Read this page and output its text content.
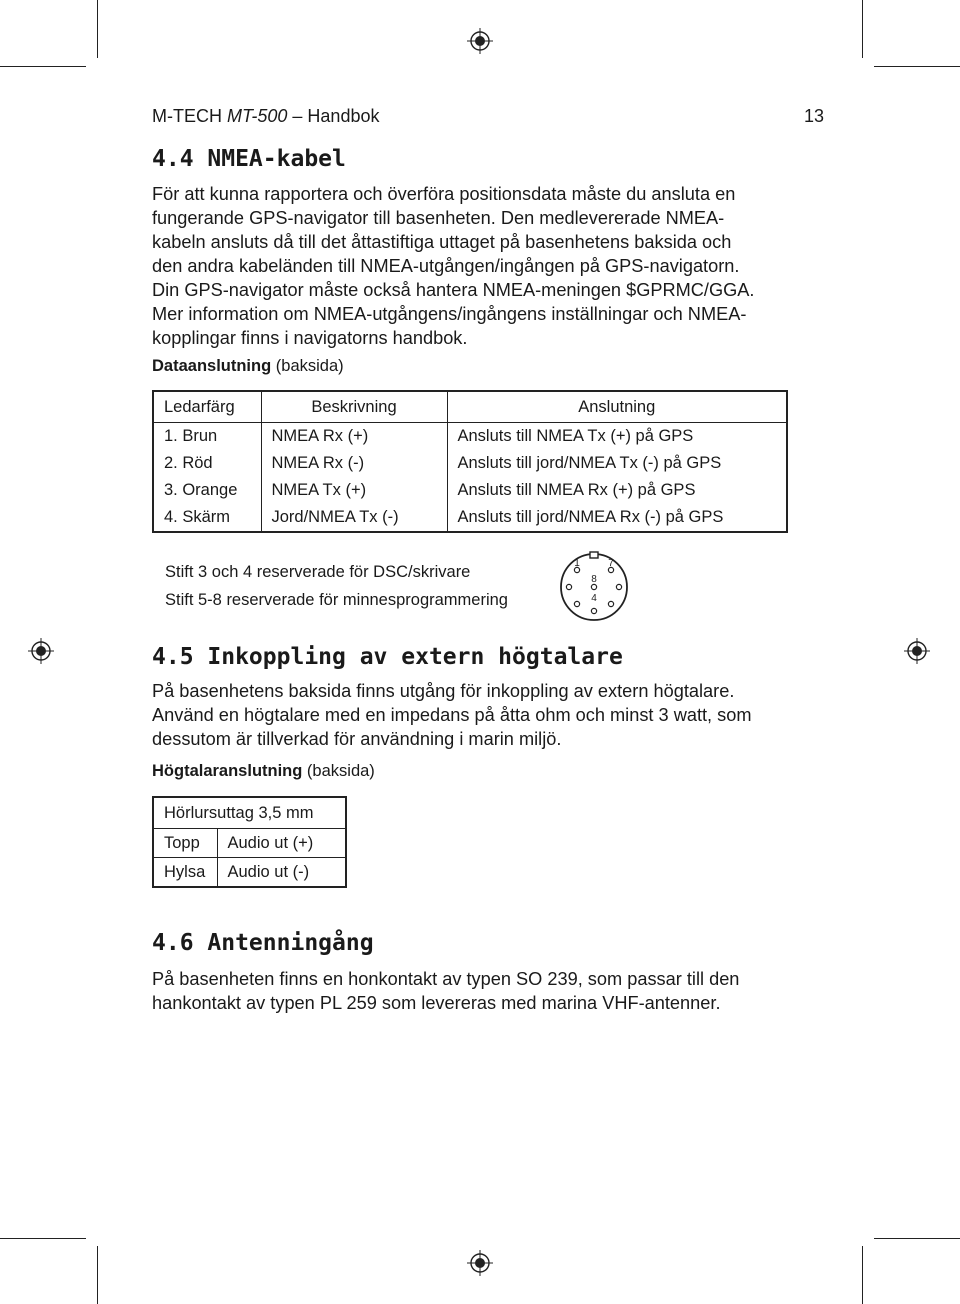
M-TECH MT-500 – Handbok	13
4.4 NMEA-kabel
För att kunna rapportera och överföra positionsdata måste du ansluta en
fungerande GPS-navigator till basenheten. Den medlevererade NMEA-
kabeln ansluts då till det åttastiftiga uttaget på basenhetens baksida och
den andra kabeländen till NMEA-utgången/ingången på GPS-navigatorn.
Din GPS-navigator måste också hantera NMEA-meningen $GPRMC/GGA.
Mer information om NMEA-utgångens/ingångens inställningar och NMEA-
kopplingar finns i navigatorns handbok.
Dataanslutning (baksida)
Ledarfärg	Beskrivning	Anslutning
1. Brun	NMEA Rx (+)	Ansluts till NMEA Tx (+) på GPS
2. Röd	NMEA Rx (-)	Ansluts till jord/NMEA Tx (-) på GPS
3. Orange	NMEA Tx (+)	Ansluts till NMEA Rx (+) på GPS
4. Skärm	Jord/NMEA Tx (-)	Ansluts till jord/NMEA Rx (-) på GPS
Stift 3 och 4 reserverade för DSC/skrivare
Stift 5-8 reserverade för minnesprogrammering
1	7
8
4
4.5 Inkoppling av extern högtalare
På basenhetens baksida finns utgång för inkoppling av extern högtalare.
Använd en högtalare med en impedans på åtta ohm och minst 3 watt, som
dessutom är tillverkad för användning i marin miljö.
Högtalaranslutning (baksida)
Hörlursuttag 3,5 mm	
Topp	Audio ut (+)
Hylsa	Audio ut (-)
4.6 Antenningång
På basenheten finns en honkontakt av typen SO 239, som passar till den
hankontakt av typen PL 259 som levereras med marina VHF-antenner.
